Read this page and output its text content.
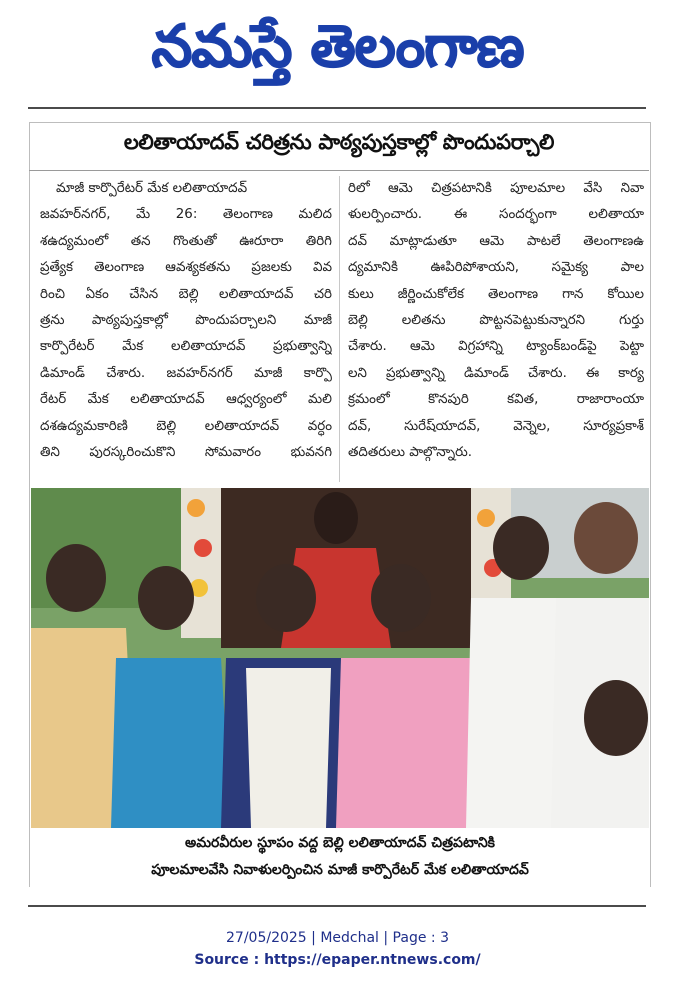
నమస్తే తెలంగాణ
లలితాయాదవ్ చరిత్రను పాఠ్యపుస్తకాల్లో పొందుపర్చాలి
మాజీ కార్పొరేటర్ మేక లలితాయాదవ్
జవహర్‌నగర్, మే 26: తెలంగాణ మలిద
శఉద్యమంలో తన గొంతుతో ఊరూరా తిరిగి
ప్రత్యేక తెలంగాణ ఆవశ్యకతను ప్రజలకు వివ
రించి ఏకం చేసిన బెల్లి లలితాయాదవ్ చరి
త్రను పాఠ్యపుస్తకాల్లో పొందుపర్చాలని మాజీ
కార్పొరేటర్ మేక లలితాయాదవ్ ప్రభుత్వాన్ని
డిమాండ్ చేశారు. జవహర్‌నగర్ మాజీ కార్పొ
రేటర్ మేక లలితాయాదవ్ ఆధ్వర్యంలో మలి
దశఉద్యమకారిణి బెల్లి లలితాయాదవ్ వర్ధం
తిని పురస్కరించుకొని సోమవారం భువనగి
రిలో ఆమె చిత్రపటానికి పూలమాల వేసి నివా
ళులర్పించారు. ఈ సందర్భంగా లలితాయా
దవ్ మాట్లాడుతూ ఆమె పాటలే తెలంగాణఉ
ద్యమానికి ఊపిరిపోశాయని, సమైక్య పాల
కులు జీర్ణించుకోలేక తెలంగాణ గాన కోయిల
బెల్లి లలితను పొట్టనపెట్టుకున్నారని గుర్తు
చేశారు. ఆమె విగ్రహాన్ని ట్యాంక్‌బండ్‌పై పెట్టా
లని ప్రభుత్వాన్ని డిమాండ్ చేశారు. ఈ కార్య
క్రమంలో కొనపురి కవిత, రాజారాంయా
దవ్, సురేష్‌యాదవ్, వెన్నెల, సూర్యప్రకాశ్
తదితరులు పాల్గొన్నారు.
అమరవీరుల స్థూపం వద్ద బెల్లి లలితాయాదవ్ చిత్రపటానికి
పూలమాలవేసి నివాళులర్పించిన మాజీ కార్పొరేటర్ మేక లలితాయాదవ్
27/05/2025 | Medchal | Page : 3
Source : https://epaper.ntnews.com/
